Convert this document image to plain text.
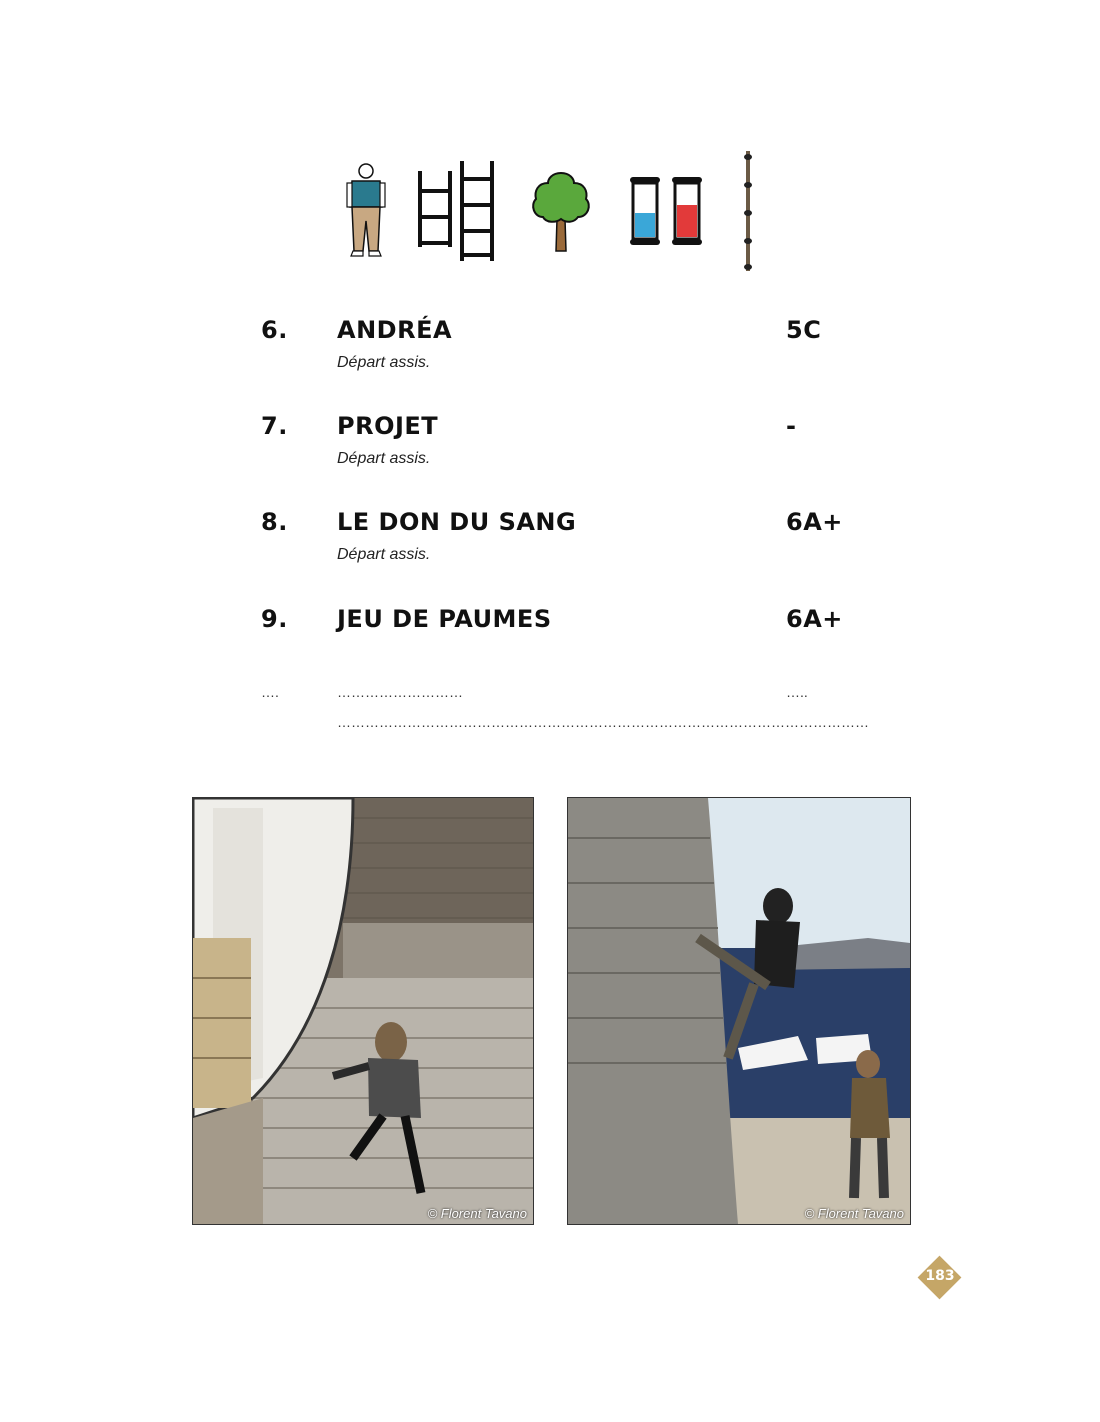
6. ANDRÉA	5C
Départ assis.
7. PROJET	-
Départ assis.
8. LE DON DU SANG	6A+
Départ assis.
9. JEU DE PAUMES	6A+
….	………………………	…..
……………………………………………………………………………………………………
© Florent Tavano	© Florent Tavano
183
